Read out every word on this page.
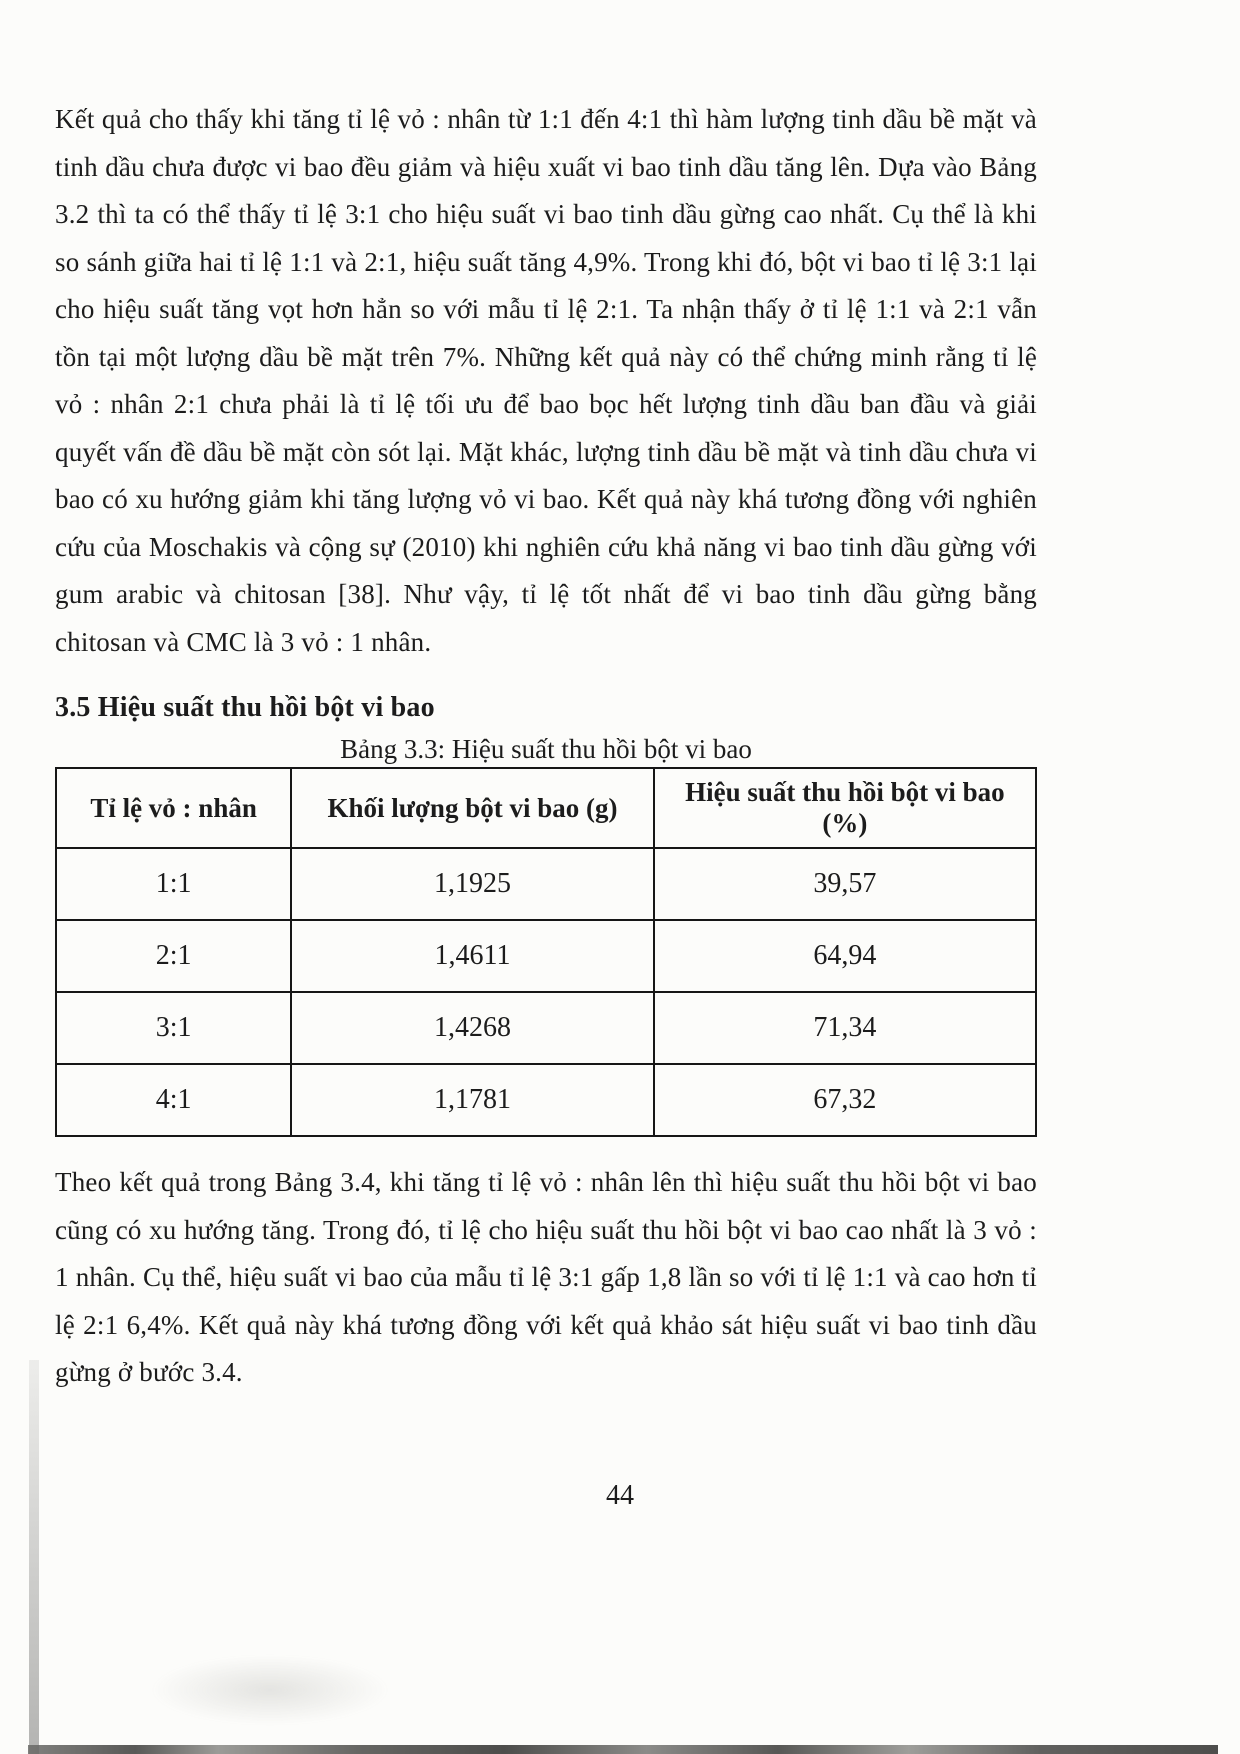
Kết quả cho thấy khi tăng tỉ lệ vỏ : nhân từ 1:1 đến 4:1 thì hàm lượng tinh dầu bề mặt và tinh dầu chưa được vi bao đều giảm và hiệu xuất vi bao tinh dầu tăng lên. Dựa vào Bảng 3.2 thì ta có thể thấy tỉ lệ 3:1 cho hiệu suất vi bao tinh dầu gừng cao nhất. Cụ thể là khi so sánh giữa hai tỉ lệ 1:1 và 2:1, hiệu suất tăng 4,9%. Trong khi đó, bột vi bao tỉ lệ 3:1 lại cho hiệu suất tăng vọt hơn hẳn so với mẫu tỉ lệ 2:1. Ta nhận thấy ở tỉ lệ 1:1 và 2:1 vẫn tồn tại một lượng dầu bề mặt trên 7%. Những kết quả này có thể chứng minh rằng tỉ lệ vỏ : nhân 2:1 chưa phải là tỉ lệ tối ưu để bao bọc hết lượng tinh dầu ban đầu và giải quyết vấn đề dầu bề mặt còn sót lại. Mặt khác, lượng tinh dầu bề mặt và tinh dầu chưa vi bao có xu hướng giảm khi tăng lượng vỏ vi bao. Kết quả này khá tương đồng với nghiên cứu của Moschakis và cộng sự (2010) khi nghiên cứu khả năng vi bao tinh dầu gừng với gum arabic và chitosan [38]. Như vậy, tỉ lệ tốt nhất để vi bao tinh dầu gừng bằng chitosan và CMC là 3 vỏ : 1 nhân.

3.5 Hiệu suất thu hồi bột vi bao
Bảng 3.3: Hiệu suất thu hồi bột vi bao
Tỉ lệ vỏ : nhân	Khối lượng bột vi bao (g)	Hiệu suất thu hồi bột vi bao (%)
1:1	1,1925	39,57
2:1	1,4611	64,94
3:1	1,4268	71,34
4:1	1,1781	67,32

Theo kết quả trong Bảng 3.4, khi tăng tỉ lệ vỏ : nhân lên thì hiệu suất thu hồi bột vi bao cũng có xu hướng tăng. Trong đó, tỉ lệ cho hiệu suất thu hồi bột vi bao cao nhất là 3 vỏ : 1 nhân. Cụ thể, hiệu suất vi bao của mẫu tỉ lệ 3:1 gấp 1,8 lần so với tỉ lệ 1:1 và cao hơn tỉ lệ 2:1 6,4%. Kết quả này khá tương đồng với kết quả khảo sát hiệu suất vi bao tinh dầu gừng ở bước 3.4.

44
